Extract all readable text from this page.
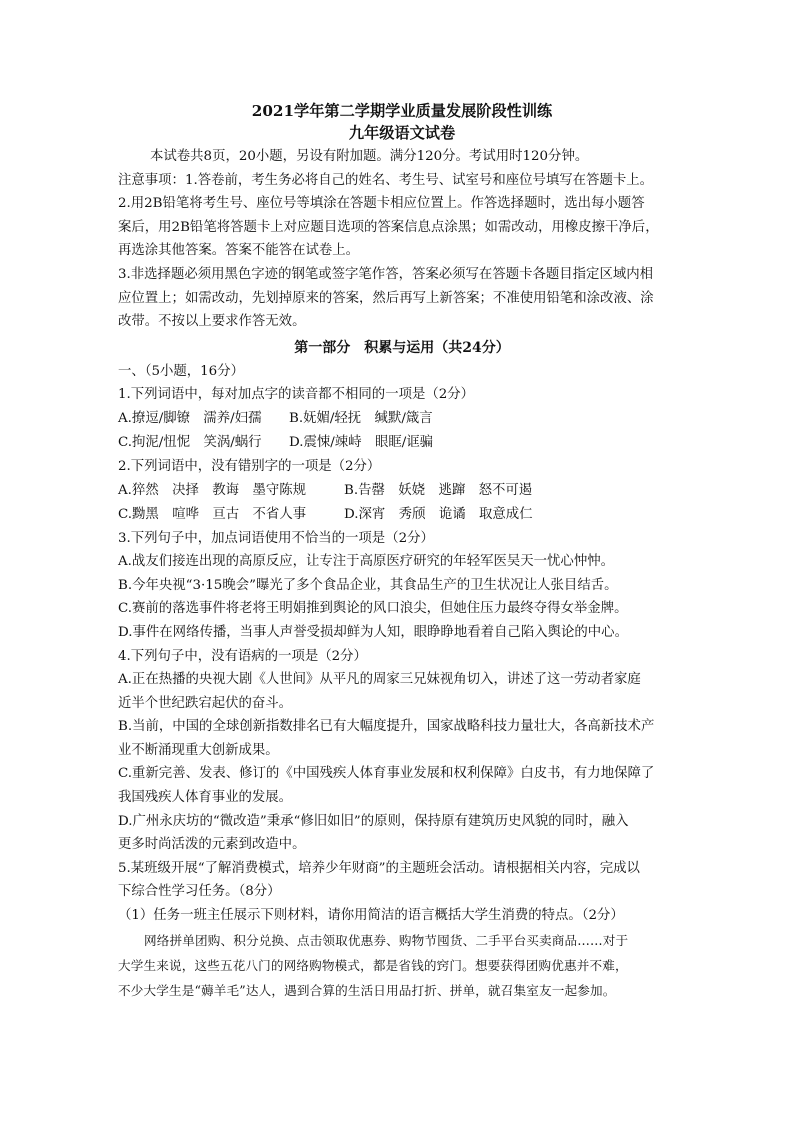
2021学年第二学期学业质量发展阶段性训练

九年级语文试卷

本试卷共8页，20小题，另设有附加题。满分120分。考试用时120分钟。

注意事项：1.答卷前，考生务必将自己的姓名、考生号、试室号和座位号填写在答题卡上。

2.用2B铅笔将考生号、座位号等填涂在答题卡相应位置上。作答选择题时，选出每小题答

案后，用2B铅笔将答题卡上对应题目选项的答案信息点涂黑；如需改动，用橡皮擦干净后，

再选涂其他答案。答案不能答在试卷上。

3.非选择题必须用黑色字迹的钢笔或签字笔作答，答案必须写在答题卡各题目指定区域内相

应位置上；如需改动，先划掉原来的答案，然后再写上新答案；不准使用铅笔和涂改液、涂

改带。不按以上要求作答无效。

第一部分　积累与运用（共24分）

一、（5小题，16分）

1.下列词语中，每对加点字的读音都不相同的一项是（2分）

A.撩逗/脚镣　濡养/妇孺 B.妩媚/轻抚　缄默/箴言

C.拘泥/忸怩　笑涡/蜗行 D.震悚/竦峙　眼眶/诓骗

2.下列词语中，没有错别字的一项是（2分）

A.猝然　决择　教诲　墨守陈规	B.告罄　妖娆　逃蹿　怒不可遏

C.黝黑　喧哗　亘古　不省人事	D.深宵　秀颀　诡谲　取意成仁

3.下列句子中，加点词语使用不恰当的一项是（2分）

A.战友们接连出现的高原反应，让专注于高原医疗研究的年轻军医吴天一忧心忡忡。

B.今年央视“3·15晚会”曝光了多个食品企业，其食品生产的卫生状况让人张目结舌。

C.赛前的落选事件将老将王明娟推到舆论的风口浪尖，但她住压力最终夺得女举金牌。

D.事件在网络传播，当事人声誉受损却鲜为人知，眼睁睁地看着自己陷入舆论的中心。

4.下列句子中，没有语病的一项是（2分）

A.正在热播的央视大剧《人世间》从平凡的周家三兄妹视角切入，讲述了这一劳动者家庭

近半个世纪跌宕起伏的奋斗。

B.当前，中国的全球创新指数排名已有大幅度提升，国家战略科技力量壮大，各高新技术产

业不断涌现重大创新成果。

C.重新完善、发表、修订的《中国残疾人体育事业发展和权利保障》白皮书，有力地保障了

我国残疾人体育事业的发展。

D.广州永庆坊的“微改造”秉承“修旧如旧”的原则，保持原有建筑历史风貌的同时，融入

更多时尚活泼的元素到改造中。

5.某班级开展“了解消费模式，培养少年财商”的主题班会活动。请根据相关内容，完成以

下综合性学习任务。（8分）

（1）任务一班主任展示下则材料，请你用简洁的语言概括大学生消费的特点。（2分）

网络拼单团购、积分兑换、点击领取优惠券、购物节囤货、二手平台买卖商品……对于

大学生来说，这些五花八门的网络购物模式，都是省钱的窍门。想要获得团购优惠并不难，

不少大学生是“薅羊毛”达人，遇到合算的生活日用品打折、拼单，就召集室友一起参加。
